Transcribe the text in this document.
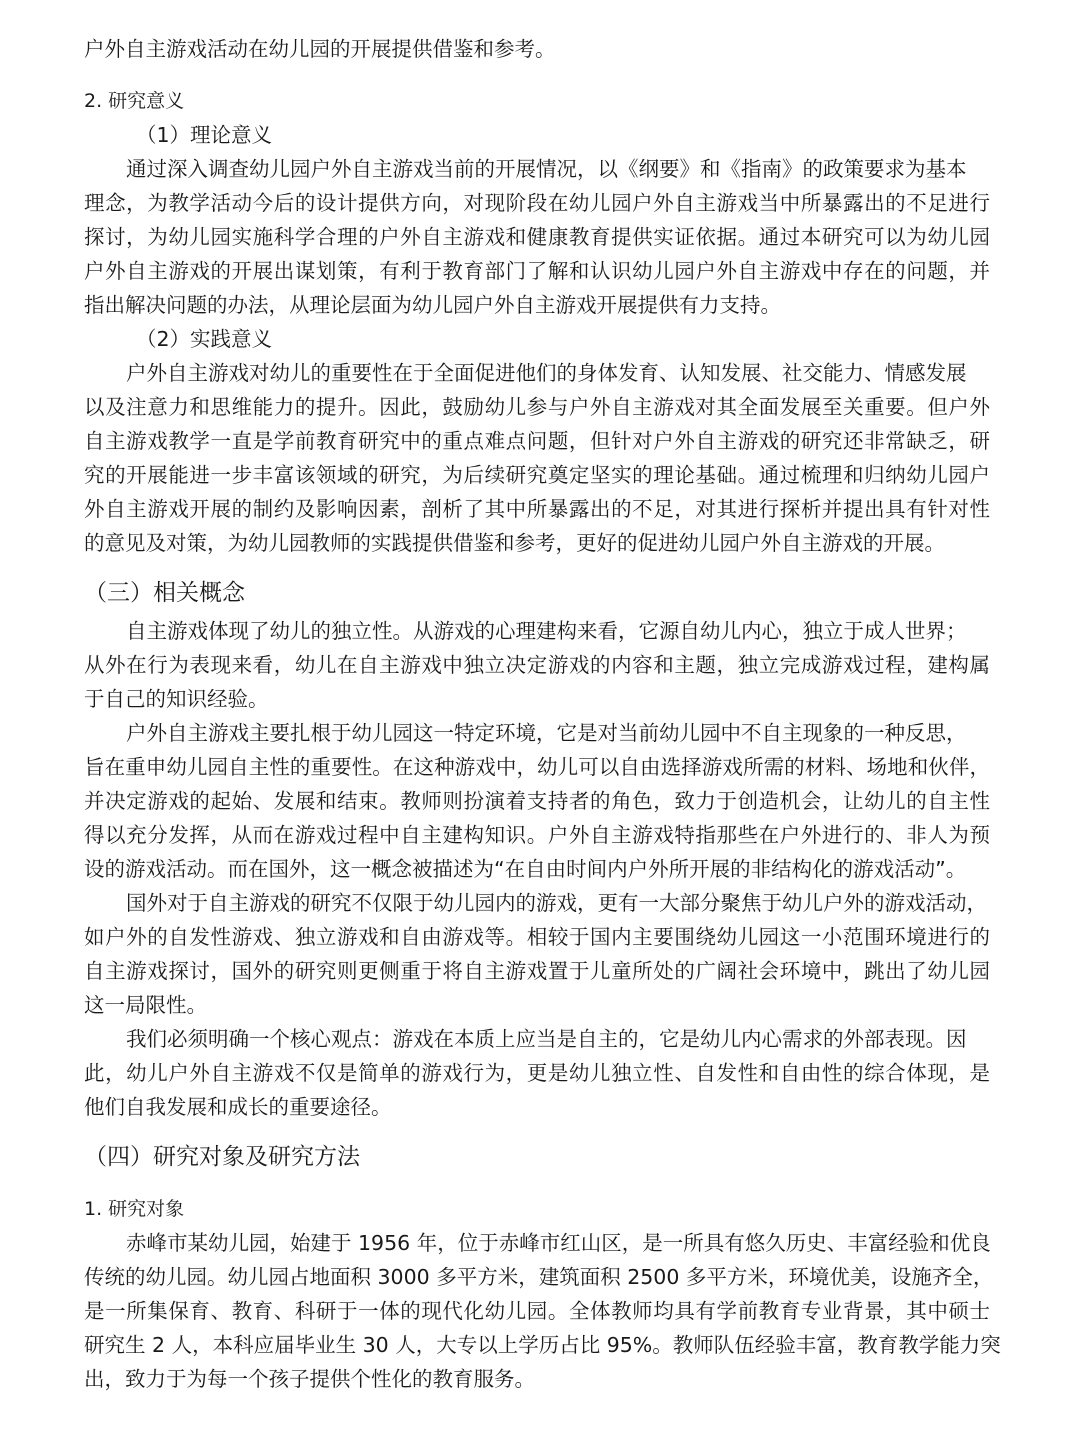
户外自主游戏活动在幼儿园的开展提供借鉴和参考。

2. 研究意义

（1）理论意义

通过深入调查幼儿园户外自主游戏当前的开展情况，以《纲要》和《指南》的政策要求为基本

理念，为教学活动今后的设计提供方向，对现阶段在幼儿园户外自主游戏当中所暴露出的不足进行

探讨，为幼儿园实施科学合理的户外自主游戏和健康教育提供实证依据。通过本研究可以为幼儿园

户外自主游戏的开展出谋划策，有利于教育部门了解和认识幼儿园户外自主游戏中存在的问题，并

指出解决问题的办法，从理论层面为幼儿园户外自主游戏开展提供有力支持。

（2）实践意义

户外自主游戏对幼儿的重要性在于全面促进他们的身体发育、认知发展、社交能力、情感发展

以及注意力和思维能力的提升。因此，鼓励幼儿参与户外自主游戏对其全面发展至关重要。但户外

自主游戏教学一直是学前教育研究中的重点难点问题，但针对户外自主游戏的研究还非常缺乏，研

究的开展能进一步丰富该领域的研究，为后续研究奠定坚实的理论基础。通过梳理和归纳幼儿园户

外自主游戏开展的制约及影响因素，剖析了其中所暴露出的不足，对其进行探析并提出具有针对性

的意见及对策，为幼儿园教师的实践提供借鉴和参考，更好的促进幼儿园户外自主游戏的开展。

（三）相关概念

自主游戏体现了幼儿的独立性。从游戏的心理建构来看，它源自幼儿内心，独立于成人世界；

从外在行为表现来看，幼儿在自主游戏中独立决定游戏的内容和主题，独立完成游戏过程，建构属

于自己的知识经验。

户外自主游戏主要扎根于幼儿园这一特定环境，它是对当前幼儿园中不自主现象的一种反思，

旨在重申幼儿园自主性的重要性。在这种游戏中，幼儿可以自由选择游戏所需的材料、场地和伙伴，

并决定游戏的起始、发展和结束。教师则扮演着支持者的角色，致力于创造机会，让幼儿的自主性

得以充分发挥，从而在游戏过程中自主建构知识。户外自主游戏特指那些在户外进行的、非人为预

设的游戏活动。而在国外，这一概念被描述为“在自由时间内户外所开展的非结构化的游戏活动”。

国外对于自主游戏的研究不仅限于幼儿园内的游戏，更有一大部分聚焦于幼儿户外的游戏活动，

如户外的自发性游戏、独立游戏和自由游戏等。相较于国内主要围绕幼儿园这一小范围环境进行的

自主游戏探讨，国外的研究则更侧重于将自主游戏置于儿童所处的广阔社会环境中，跳出了幼儿园

这一局限性。

我们必须明确一个核心观点：游戏在本质上应当是自主的，它是幼儿内心需求的外部表现。因

此，幼儿户外自主游戏不仅是简单的游戏行为，更是幼儿独立性、自发性和自由性的综合体现，是

他们自我发展和成长的重要途径。

（四）研究对象及研究方法

1. 研究对象

赤峰市某幼儿园，始建于 1956 年，位于赤峰市红山区，是一所具有悠久历史、丰富经验和优良

传统的幼儿园。幼儿园占地面积 3000 多平方米，建筑面积 2500 多平方米，环境优美，设施齐全，

是一所集保育、教育、科研于一体的现代化幼儿园。全体教师均具有学前教育专业背景，其中硕士

研究生 2 人，本科应届毕业生 30 人，大专以上学历占比 95%。教师队伍经验丰富，教育教学能力突

出，致力于为每一个孩子提供个性化的教育服务。
